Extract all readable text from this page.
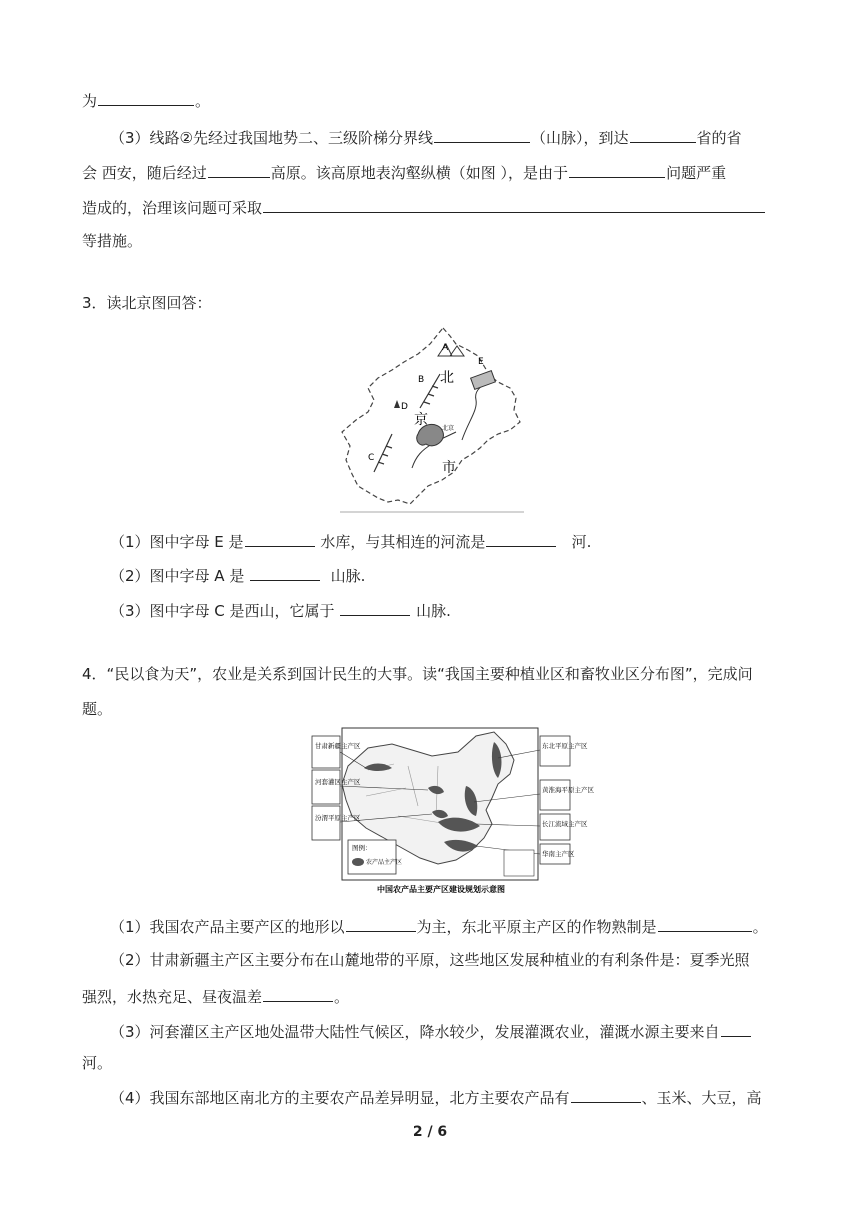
为	。
（3）线路②先经过我国地势二、三级阶梯分界线	（山脉），到达	省的省
会 西安，随后经过	高原。该高原地表沟壑纵横（如图 ），是由于	问题严重
造成的，治理该问题可采取
等措施。
3．读北京图回答：
A
B
C
D
E
北
京
市
北京
（1）图中字母 E 是	水库，与其相连的河流是	河.
（2）图中字母 A 是	山脉.
（3）图中字母 C 是西山，它属于	山脉.
4．“民以食为天”，农业是关系到国计民生的大事。读“我国主要种植业区和畜牧业区分布图”，完成问
题。
甘肃新疆主产区
河套灌区主产区
汾渭平原主产区
东北平原主产区
黄淮海平原主产区
长江流域主产区
华南主产区
图例：
农产品主产区
中国农产品主要产区建设规划示意图
（1）我国农产品主要产区的地形以	为主，东北平原主产区的作物熟制是	。
（2）甘肃新疆主产区主要分布在山麓地带的平原，这些地区发展种植业的有利条件是：夏季光照
强烈，水热充足、昼夜温差	。
（3）河套灌区主产区地处温带大陆性气候区，降水较少，发展灌溉农业，灌溉水源主要来自
河。
（4）我国东部地区南北方的主要农产品差异明显，北方主要农产品有	、玉米、大豆，高
2 / 6
